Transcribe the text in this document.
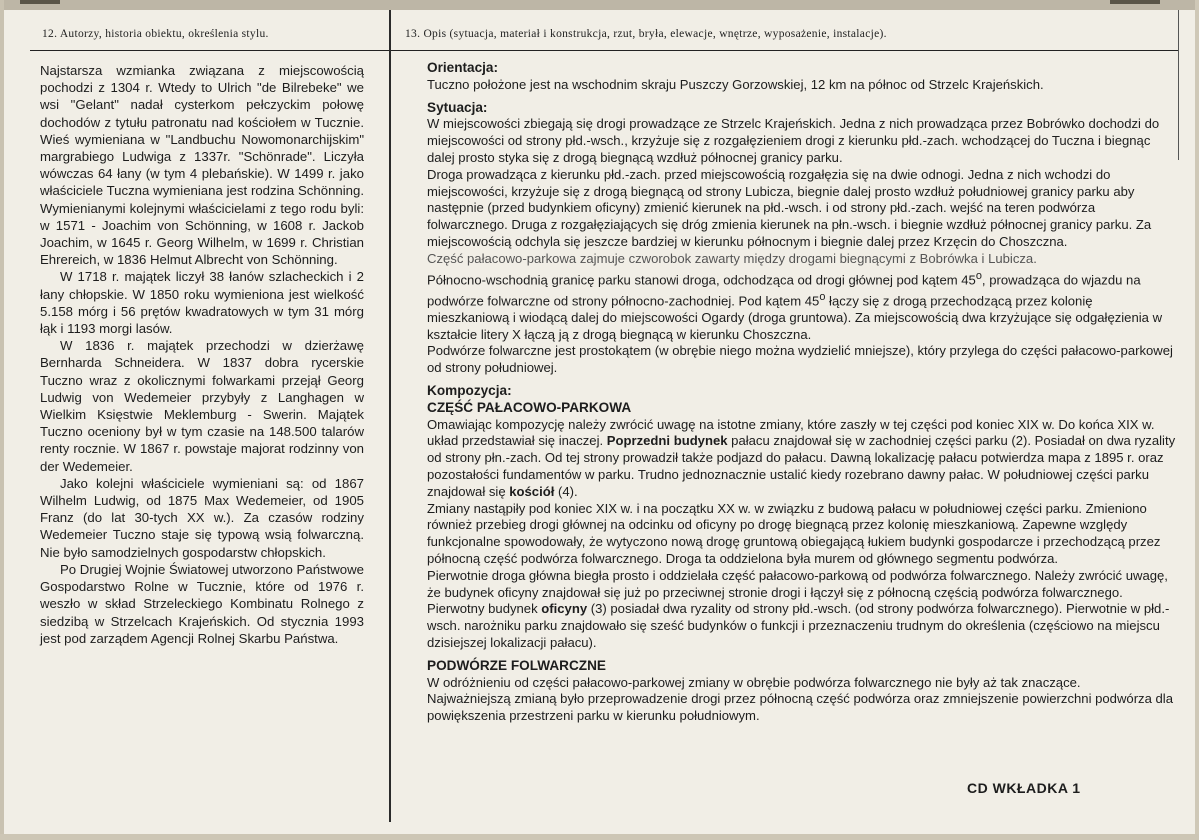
12. Autorzy, historia obiektu, określenia stylu.	13. Opis (sytuacja, materiał i konstrukcja, rzut, bryła, elewacje, wnętrze, wyposażenie, instalacje).

Najstarsza wzmianka związana z miejscowością pochodzi z 1304 r. Wtedy to Ulrich "de Bilrebeke" we wsi "Gelant" nadał cysterkom pełczyckim połowę dochodów z tytułu patronatu nad kościołem w Tucznie. Wieś wymieniana w "Landbuchu Nowomonarchijskim" margrabiego Ludwiga z 1337r. "Schönrade". Liczyła wówczas 64 łany (w tym 4 plebańskie). W 1499 r. jako właściciele Tuczna wymieniana jest rodzina Schönning. Wymienianymi kolejnymi właścicielami z tego rodu byli: w 1571 - Joachim von Schönning, w 1608 r. Jackob Joachim, w 1645 r. Georg Wilhelm, w 1699 r. Christian Ehrereich, w 1836 Helmut Albrecht von Schönning.

W 1718 r. majątek liczył 38 łanów szlacheckich i 2 łany chłopskie. W 1850 roku wymieniona jest wielkość 5.158 mórg i 56 prętów kwadratowych w tym 31 mórg łąk i 1193 morgi lasów.

W 1836 r. majątek przechodzi w dzierżawę Bernharda Schneidera. W 1837 dobra rycerskie Tuczno wraz z okolicznymi folwarkami przejął Georg Ludwig von Wedemeier przybyły z Langhagen w Wielkim Księstwie Meklemburg - Swerin. Majątek Tuczno oceniony był w tym czasie na 148.500 talarów renty rocznie. W 1867 r. powstaje majorat rodzinny von der Wedemeier.

Jako kolejni właściciele wymieniani są: od 1867 Wilhelm Ludwig, od 1875 Max Wedemeier, od 1905 Franz (do lat 30-tych XX w.). Za czasów rodziny Wedemeier Tuczno staje się typową wsią folwarczną. Nie było samodzielnych gospodarstw chłopskich.

Po Drugiej Wojnie Światowej utworzono Państwowe Gospodarstwo Rolne w Tucznie, które od 1976 r. weszło w skład Strzeleckiego Kombinatu Rolnego z siedzibą w Strzelcach Krajeńskich. Od stycznia 1993 jest pod zarządem Agencji Rolnej Skarbu Państwa.

Orientacja:

Tuczno położone jest na wschodnim skraju Puszczy Gorzowskiej, 12 km na północ od Strzelc Krajeńskich.

Sytuacja:

W miejscowości zbiegają się drogi prowadzące ze Strzelc Krajeńskich. Jedna z nich prowadząca przez Bobrówko dochodzi do miejscowości od strony płd.-wsch., krzyżuje się z rozgałęzieniem drogi z kierunku płd.-zach. wchodzącej do Tuczna i biegnąc dalej prosto styka się z drogą biegnącą wzdłuż północnej granicy parku.

Droga prowadząca z kierunku płd.-zach. przed miejscowością rozgałęzia się na dwie odnogi. Jedna z nich wchodzi do miejscowości, krzyżuje się z drogą biegnącą od strony Lubicza, biegnie dalej prosto wzdłuż południowej granicy parku aby następnie (przed budynkiem oficyny) zmienić kierunek na płd.-wsch. i od strony płd.-zach. wejść na teren podwórza folwarcznego. Druga z rozgałęziających się dróg zmienia kierunek na płn.-wsch. i biegnie wzdłuż północnej granicy parku. Za miejscowością odchyla się jeszcze bardziej w kierunku północnym i biegnie dalej przez Krzęcin do Choszczna.

Część pałacowo-parkowa zajmuje czworobok zawarty między drogami biegnącymi z Bobrówka i Lubicza.

Północno-wschodnią granicę parku stanowi droga, odchodząca od drogi głównej pod kątem 45$^o$, prowadząca do wjazdu na podwórze folwarczne od strony północno-zachodniej. Pod kątem 45$^o$ łączy się z drogą przechodzącą przez kolonię mieszkaniową i wiodącą dalej do miejscowości Ogardy (droga gruntowa). Za miejscowością dwa krzyżujące się odgałęzienia w kształcie litery X łączą ją z drogą biegnącą w kierunku Choszczna.

Podwórze folwarczne jest prostokątem (w obrębie niego można wydzielić mniejsze), który przylega do części pałacowo-parkowej od strony południowej.

Kompozycja:
CZĘŚĆ PAŁACOWO-PARKOWA

Omawiając kompozycję należy zwrócić uwagę na istotne zmiany, które zaszły w tej części pod koniec XIX w. Do końca XIX w. układ przedstawiał się inaczej. Poprzedni budynek pałacu znajdował się w zachodniej części parku (2). Posiadał on dwa ryzality od strony płn.-zach. Od tej strony prowadził także podjazd do pałacu. Dawną lokalizację pałacu potwierdza mapa z 1895 r. oraz pozostałości fundamentów w parku. Trudno jednoznacznie ustalić kiedy rozebrano dawny pałac. W południowej części parku znajdował się kościół (4).

Zmiany nastąpiły pod koniec XIX w. i na początku XX w. w związku z budową pałacu w południowej części parku. Zmieniono również przebieg drogi głównej na odcinku od oficyny po drogę biegnącą przez kolonię mieszkaniową. Zapewne względy funkcjonalne spowodowały, że wytyczono nową drogę gruntową obiegającą łukiem budynki gospodarcze i przechodzącą przez północną część podwórza folwarcznego. Droga ta oddzielona była murem od głównego segmentu podwórza.

Pierwotnie droga główna biegła prosto i oddzielała część pałacowo-parkową od podwórza folwarcznego. Należy zwrócić uwagę, że budynek oficyny znajdował się już po przeciwnej stronie drogi i łączył się z północną częścią podwórza folwarcznego. Pierwotny budynek oficyny (3) posiadał dwa ryzality od strony płd.-wsch. (od strony podwórza folwarcznego). Pierwotnie w płd.-wsch. narożniku parku znajdowało się sześć budynków o funkcji i przeznaczeniu trudnym do określenia (częściowo na miejscu dzisiejszej lokalizacji pałacu).

PODWÓRZE FOLWARCZNE

W odróżnieniu od części pałacowo-parkowej zmiany w obrębie podwórza folwarcznego nie były aż tak znaczące.

Najważniejszą zmianą było przeprowadzenie drogi przez północną część podwórza oraz zmniejszenie powierzchni podwórza dla powiększenia przestrzeni parku w kierunku południowym.

CD WKŁADKA 1
